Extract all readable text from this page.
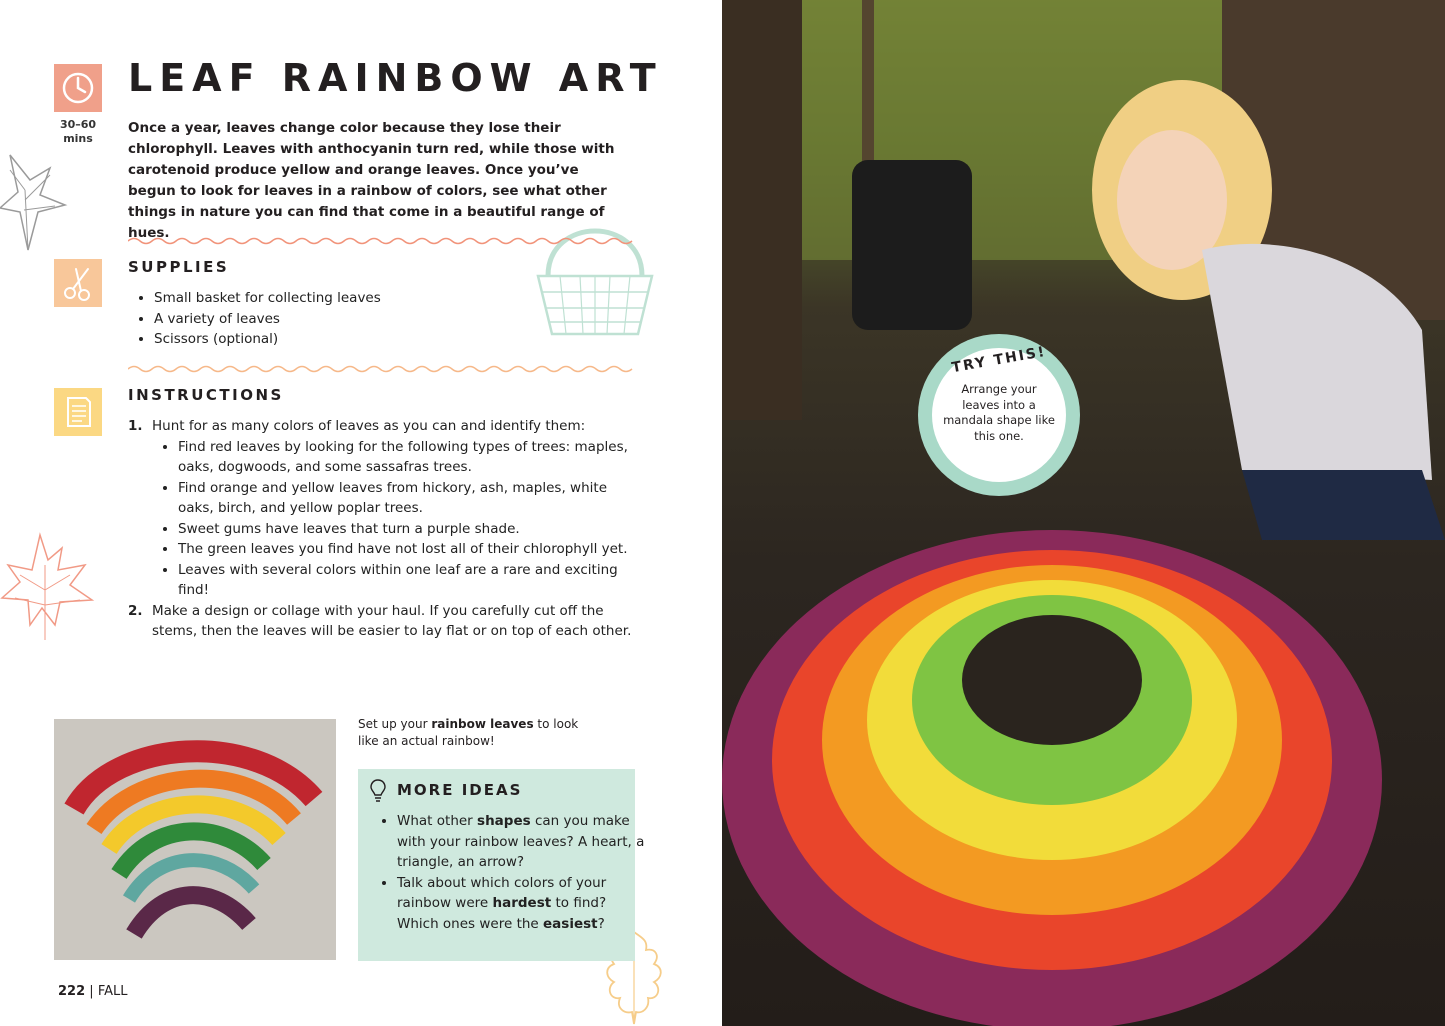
30–60
mins
LEAF RAINBOW ART

Once a year, leaves change color because they lose their chlorophyll. Leaves with anthocyanin turn red, while those with carotenoid produce yellow and orange leaves. Once you’ve begun to look for leaves in a rainbow of colors, see what other things in nature you can find that come in a beautiful range of hues.

SUPPLIES
• Small basket for collecting leaves
• A variety of leaves
• Scissors (optional)
INSTRUCTIONS
1. Hunt for as many colors of leaves as you can and identify them:
• Find red leaves by looking for the following types of trees: maples, oaks, dogwoods, and some sassafras trees.
• Find orange and yellow leaves from hickory, ash, maples, white oaks, birch, and yellow poplar trees.
• Sweet gums have leaves that turn a purple shade.
• The green leaves you find have not lost all of their chlorophyll yet.
• Leaves with several colors within one leaf are a rare and exciting find!
2. Make a design or collage with your haul. If you carefully cut off the stems, then the leaves will be easier to lay flat or on top of each other.
Set up your rainbow leaves to look like an actual rainbow!
MORE IDEAS
• What other shapes can you make with your rainbow leaves? A heart, a triangle, an arrow?
• Talk about which colors of your rainbow were hardest to find? Which ones were the easiest?
222 | FALL
TRY THIS!
Arrange your leaves into a mandala shape like this one.
